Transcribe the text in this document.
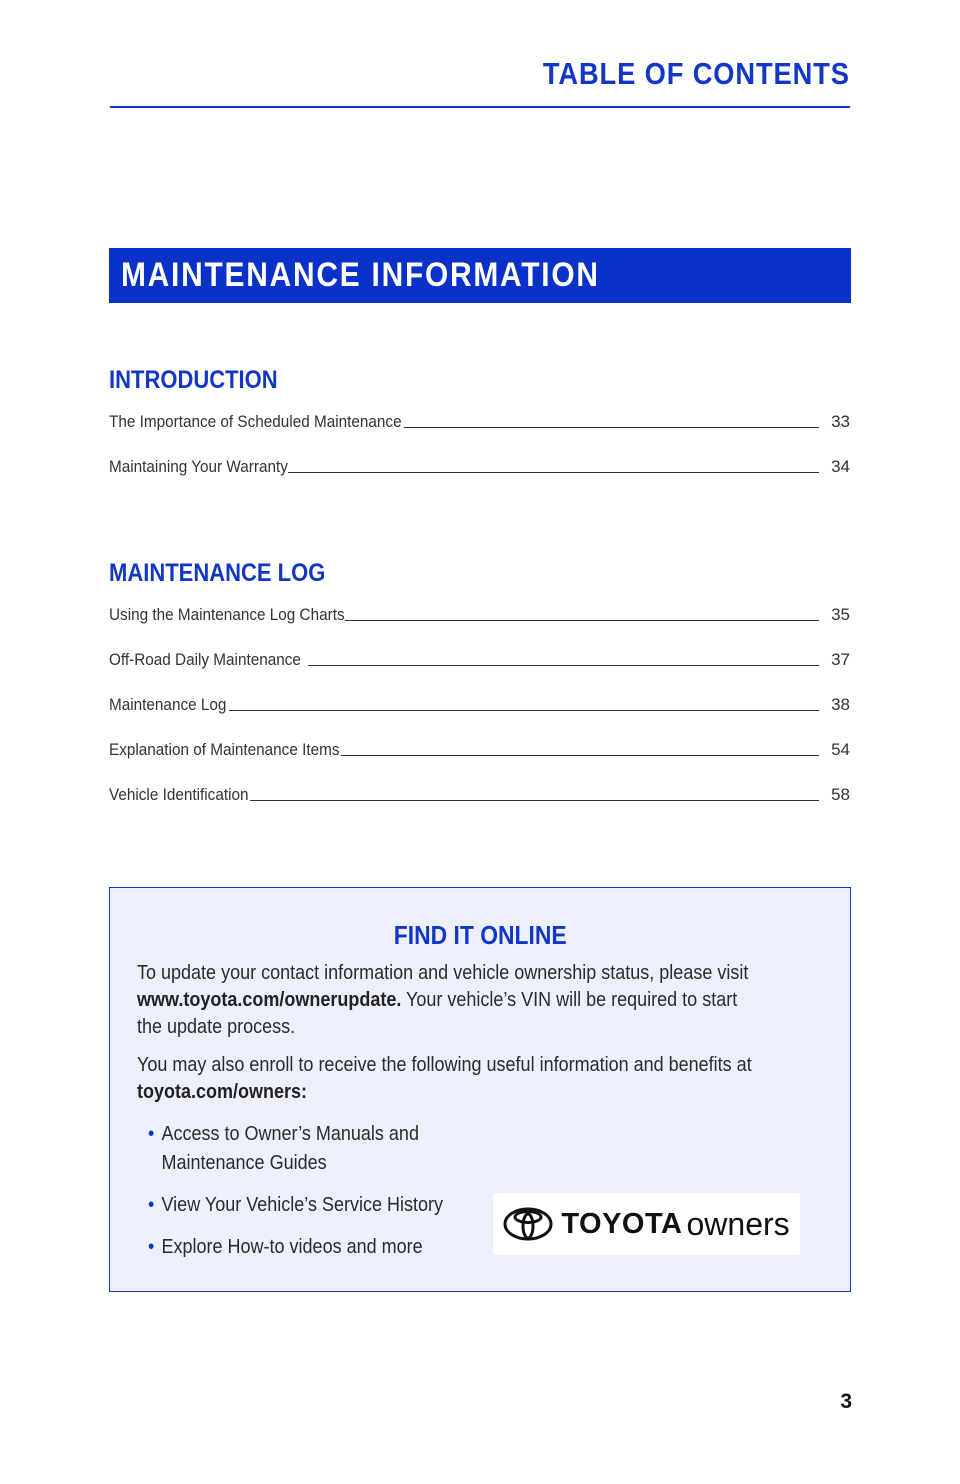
TABLE OF CONTENTS
MAINTENANCE INFORMATION
INTRODUCTION
The Importance of Scheduled Maintenance	33
Maintaining Your Warranty	34
MAINTENANCE LOG
Using the Maintenance Log Charts	35
Off-Road Daily Maintenance	37
Maintenance Log	38
Explanation of Maintenance Items	54
Vehicle Identification	58
FIND IT ONLINE
To update your contact information and vehicle ownership status, please visit www.toyota.com/ownerupdate. Your vehicle’s VIN will be required to start the update process.
You may also enroll to receive the following useful information and benefits at toyota.com/owners:
• Access to Owner’s Manuals and Maintenance Guides
• View Your Vehicle’s Service History
• Explore How-to videos and more
TOYOTA owners
3
